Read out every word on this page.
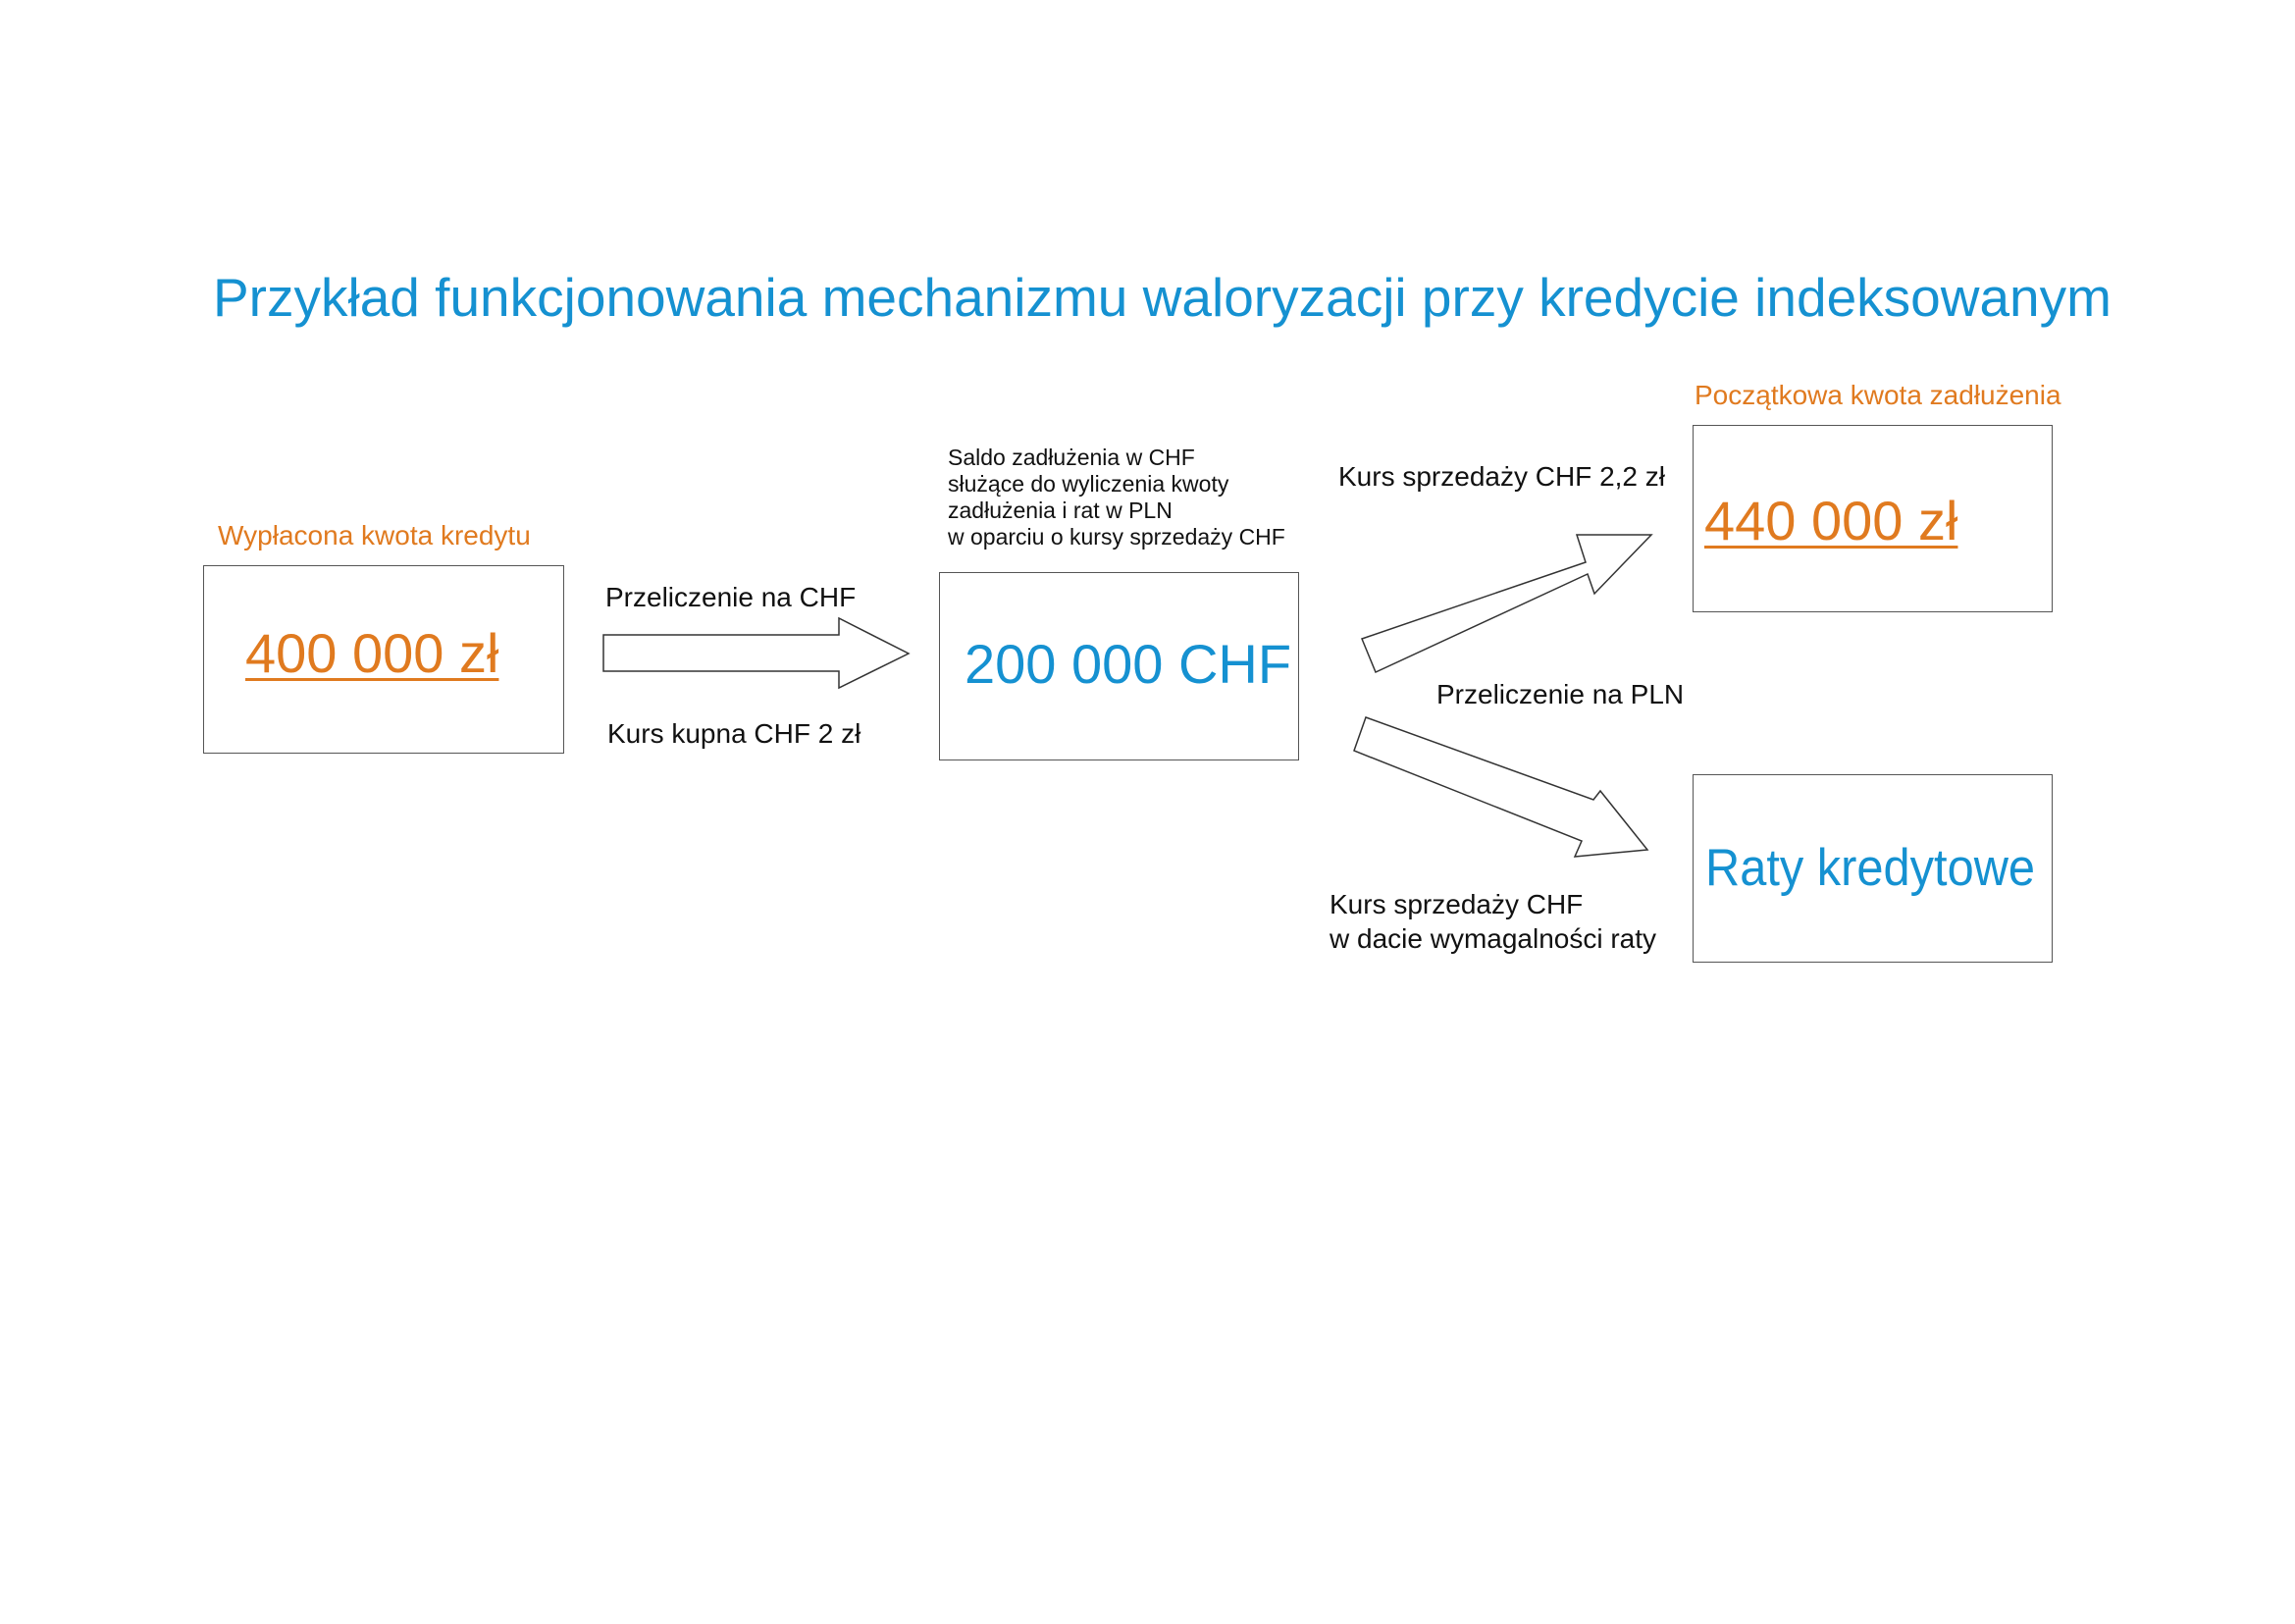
Przykład funkcjonowania mechanizmu waloryzacji przy kredycie indeksowanym
Wypłacona kwota kredytu
400 000 zł
Przeliczenie na CHF
Kurs kupna CHF 2 zł
Saldo zadłużenia w CHF
służące do wyliczenia kwoty
zadłużenia i rat w PLN
w oparciu o kursy sprzedaży CHF
200 000 CHF
Kurs sprzedaży CHF 2,2 zł
Przeliczenie na PLN
Kurs sprzedaży CHF
w dacie wymagalności raty
Początkowa kwota zadłużenia
440 000 zł
Raty kredytowe
